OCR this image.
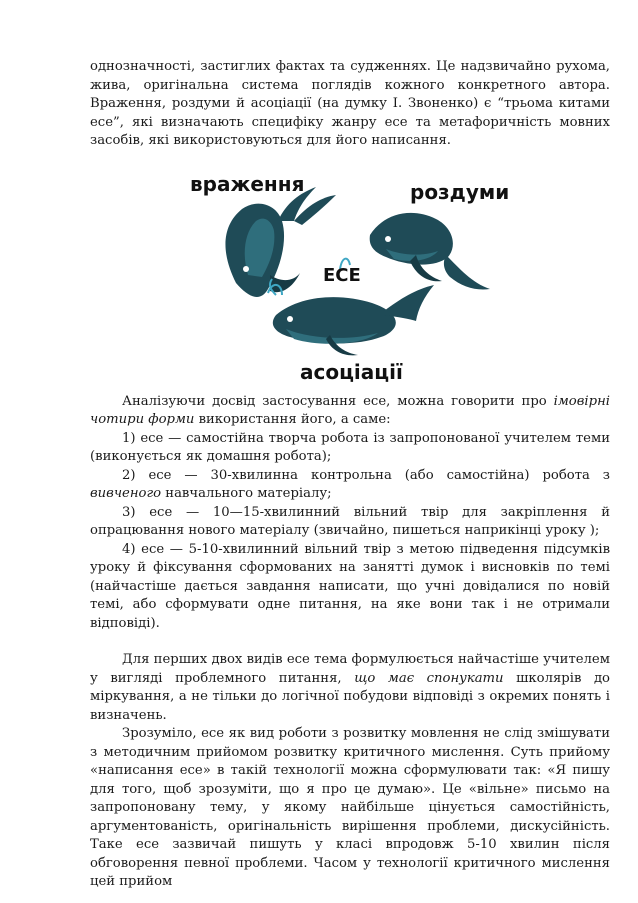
однозначності, застиглих фактах та судженнях. Це надзвичайно рухома, жива, оригінальна система поглядів кожного конкретного автора. Враження, роздуми й асоціації (на думку І. Звоненко) є “трьома китами есе”, які визначають специфіку жанру есе та метафоричність мовних засобів, які використовуються для його написання.

враження	роздуми
ЕСЕ
асоціації

Аналізуючи досвід застосування есе, можна говорити про імовірні чотири форми використання його, а саме:

1) есе — самостійна творча робота із запропонованої учителем теми (виконується як домашня робота);

2) есе — 30-хвилинна контрольна (або самостійна) робота з вивченого навчального матеріалу;

3) есе — 10—15-хвилинний вільний твір для закріплення й опрацювання нового матеріалу (звичайно, пишеться наприкінці уроку );

4) есе — 5-10-хвилинний вільний твір з метою підведення підсумків уроку й фіксування сформованих на занятті думок і висновків по темі (найчастіше дається завдання написати, що учні довідалися по новій темі, або сформувати одне питання, на яке вони так і не отримали відповіді).

Для перших двох видів есе тема формулюється найчастіше учителем у вигляді проблемного питання, що має спонукати школярів до міркування, а не тільки до логічної побудови відповіді з окремих понять і визначень.

Зрозуміло, есе як вид роботи з розвитку мовлення не слід змішувати з методичним прийомом розвитку критичного мислення. Суть прийому «написання есе» в такій технології можна сформулювати так: «Я пишу для того, щоб зрозуміти, що я про це думаю». Це «вільне» письмо на запропоновану тему, у якому найбільше цінується самостійність, аргументованість, оригінальність вирішення проблеми, дискусійність. Таке есе зазвичай пишуть у класі впродовж 5-10 хвилин після обговорення певної проблеми. Часом у технології критичного мислення цей прийом
